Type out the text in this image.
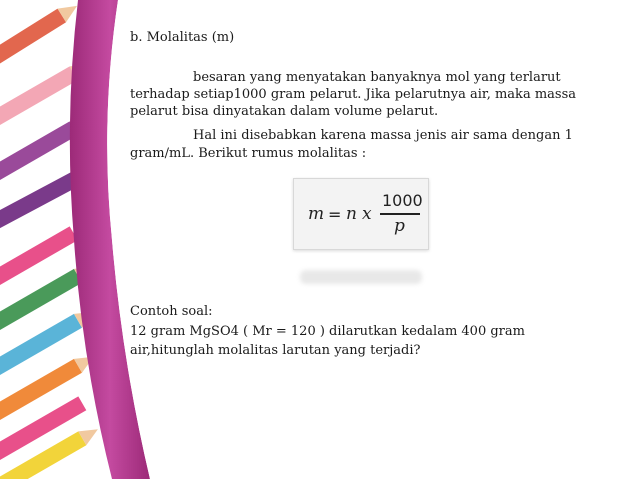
b. Molalitas (m)
besaran yang menyatakan banyaknya mol yang terlarut
terhadap setiap1000 gram pelarut. Jika pelarutnya air, maka massa
pelarut bisa dinyatakan dalam volume pelarut.
Hal ini disebabkan karena massa jenis air sama dengan 1
gram/mL. Berikut rumus molalitas :
m = n x
1000
p
Contoh soal:
12 gram MgSO4 ( Mr = 120 ) dilarutkan kedalam 400 gram
air,hitunglah molalitas larutan yang terjadi?
